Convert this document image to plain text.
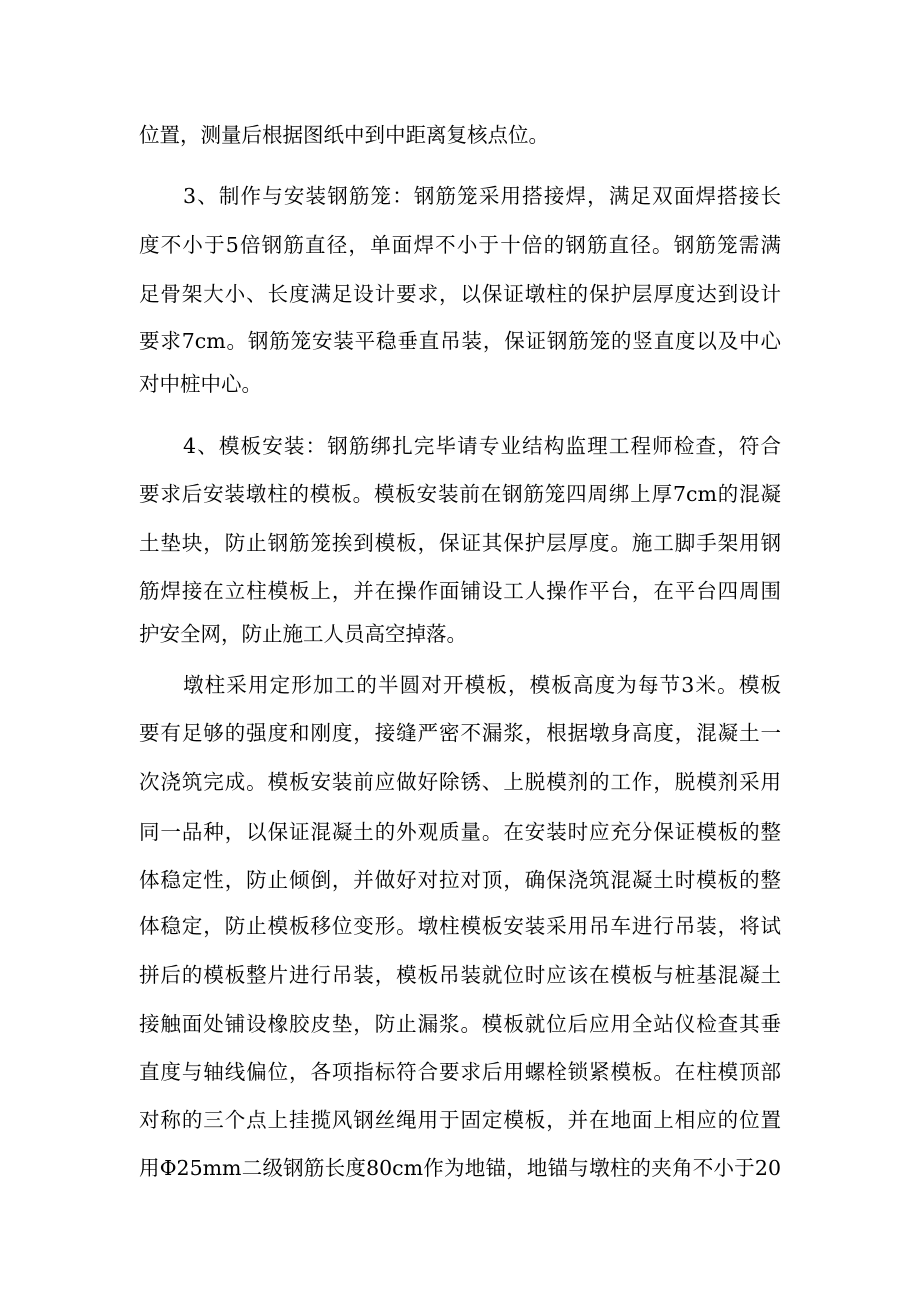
位置，测量后根据图纸中到中距离复核点位。
3、制作与安装钢筋笼：钢筋笼采用搭接焊，满足双面焊搭接长
度不小于5倍钢筋直径，单面焊不小于十倍的钢筋直径。钢筋笼需满
足骨架大小、长度满足设计要求，以保证墩柱的保护层厚度达到设计
要求7cm。钢筋笼安装平稳垂直吊装，保证钢筋笼的竖直度以及中心
对中桩中心。
4、模板安装：钢筋绑扎完毕请专业结构监理工程师检查，符合
要求后安装墩柱的模板。模板安装前在钢筋笼四周绑上厚7cm的混凝
土垫块，防止钢筋笼挨到模板，保证其保护层厚度。施工脚手架用钢
筋焊接在立柱模板上，并在操作面铺设工人操作平台，在平台四周围
护安全网，防止施工人员高空掉落。
墩柱采用定形加工的半圆对开模板，模板高度为每节3米。模板
要有足够的强度和刚度，接缝严密不漏浆，根据墩身高度，混凝土一
次浇筑完成。模板安装前应做好除锈、上脱模剂的工作，脱模剂采用
同一品种，以保证混凝土的外观质量。在安装时应充分保证模板的整
体稳定性，防止倾倒，并做好对拉对顶，确保浇筑混凝土时模板的整
体稳定，防止模板移位变形。墩柱模板安装采用吊车进行吊装，将试
拼后的模板整片进行吊装，模板吊装就位时应该在模板与桩基混凝土
接触面处铺设橡胶皮垫，防止漏浆。模板就位后应用全站仪检查其垂
直度与轴线偏位，各项指标符合要求后用螺栓锁紧模板。在柱模顶部
对称的三个点上挂揽风钢丝绳用于固定模板，并在地面上相应的位置
用Φ25mm二级钢筋长度80cm作为地锚，地锚与墩柱的夹角不小于20
